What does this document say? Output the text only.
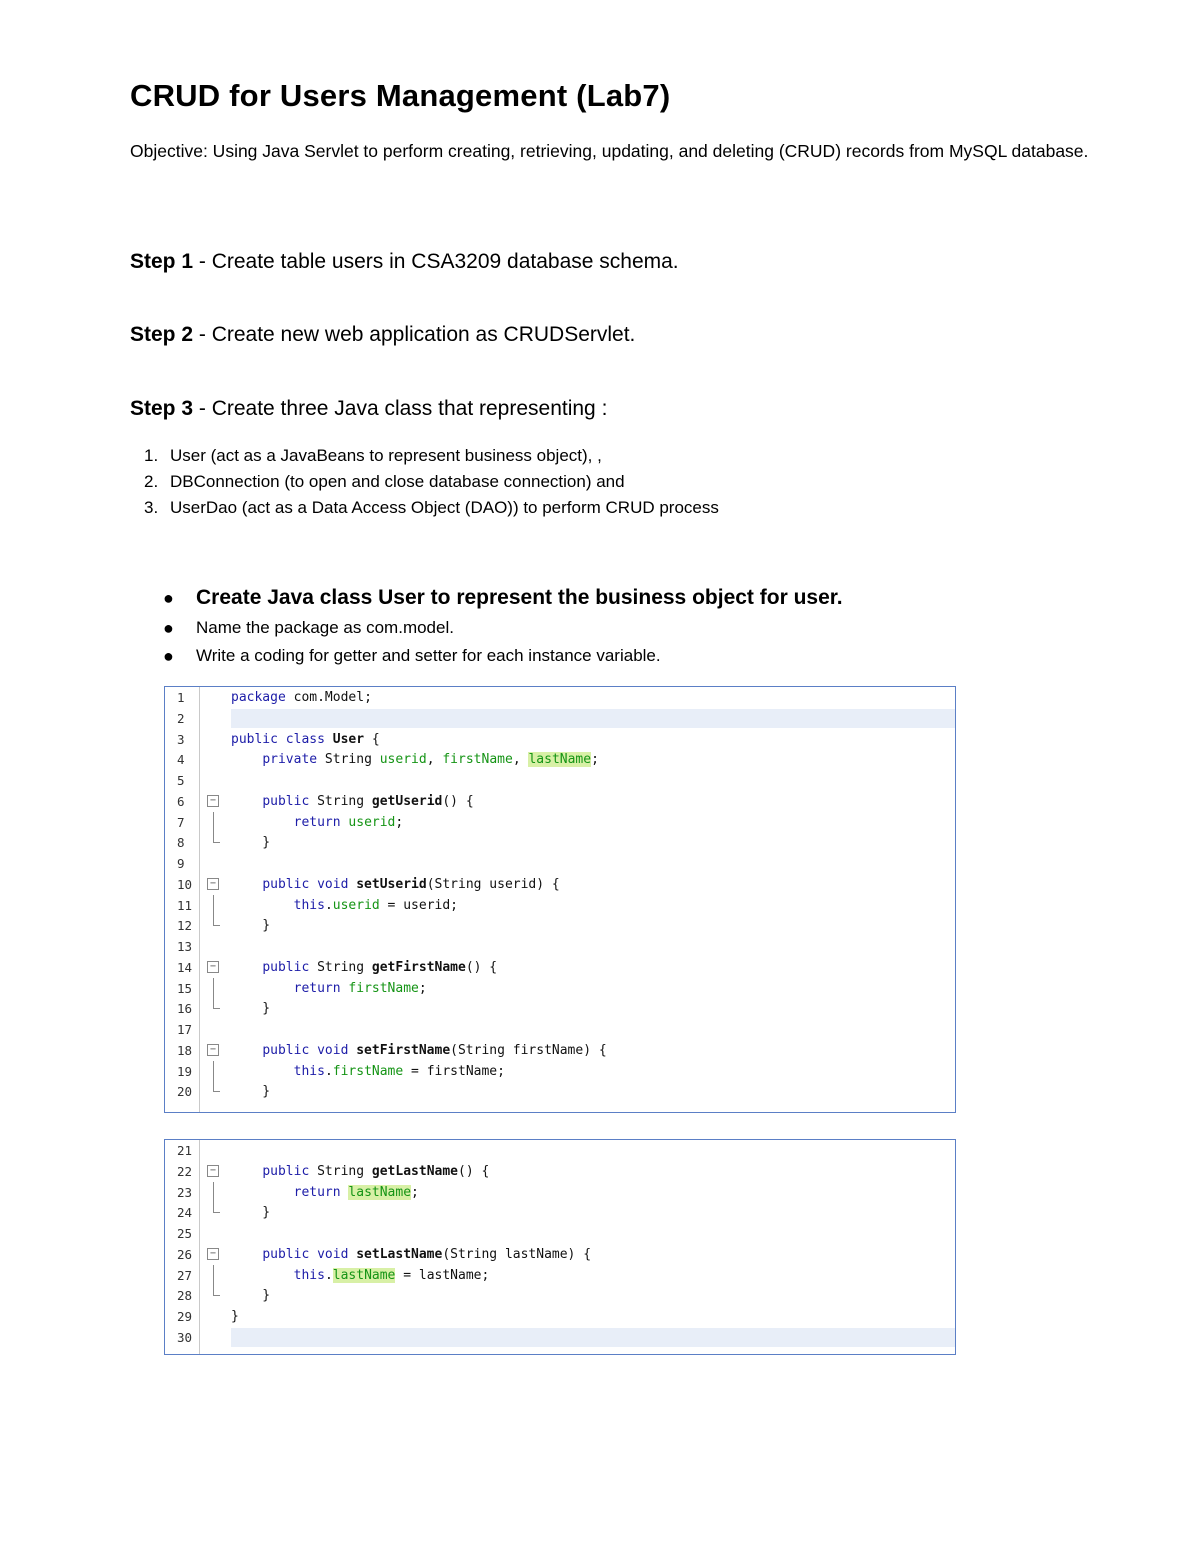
CRUD for Users Management (Lab7)
Objective: Using Java Servlet to perform creating, retrieving, updating, and deleting (CRUD) records from MySQL database.
Step 1 - Create table users in CSA3209 database schema.
Step 2 - Create new web application as CRUDServlet.
Step 3 - Create three Java class that representing :
1. User (act as a JavaBeans to represent business object), ,
2. DBConnection (to open and close database connection) and
3. UserDao (act as a Data Access Object (DAO)) to perform CRUD process
● Create Java class User to represent the business object for user.
● Name the package as com.model.
● Write a coding for getter and setter for each instance variable.
1	package com.Model;
2
3	public class User {
4	private String userid, firstName, lastName;
5
6	−	public String getUserid() {
7	return userid;
8	}
9
10	−	public void setUserid(String userid) {
11	this.userid = userid;
12	}
13
14	−	public String getFirstName() {
15	return firstName;
16	}
17
18	−	public void setFirstName(String firstName) {
19	this.firstName = firstName;
20	}
21
22	−	public String getLastName() {
23	return lastName;
24	}
25
26	−	public void setLastName(String lastName) {
27	this.lastName = lastName;
28	}
29	}
30
